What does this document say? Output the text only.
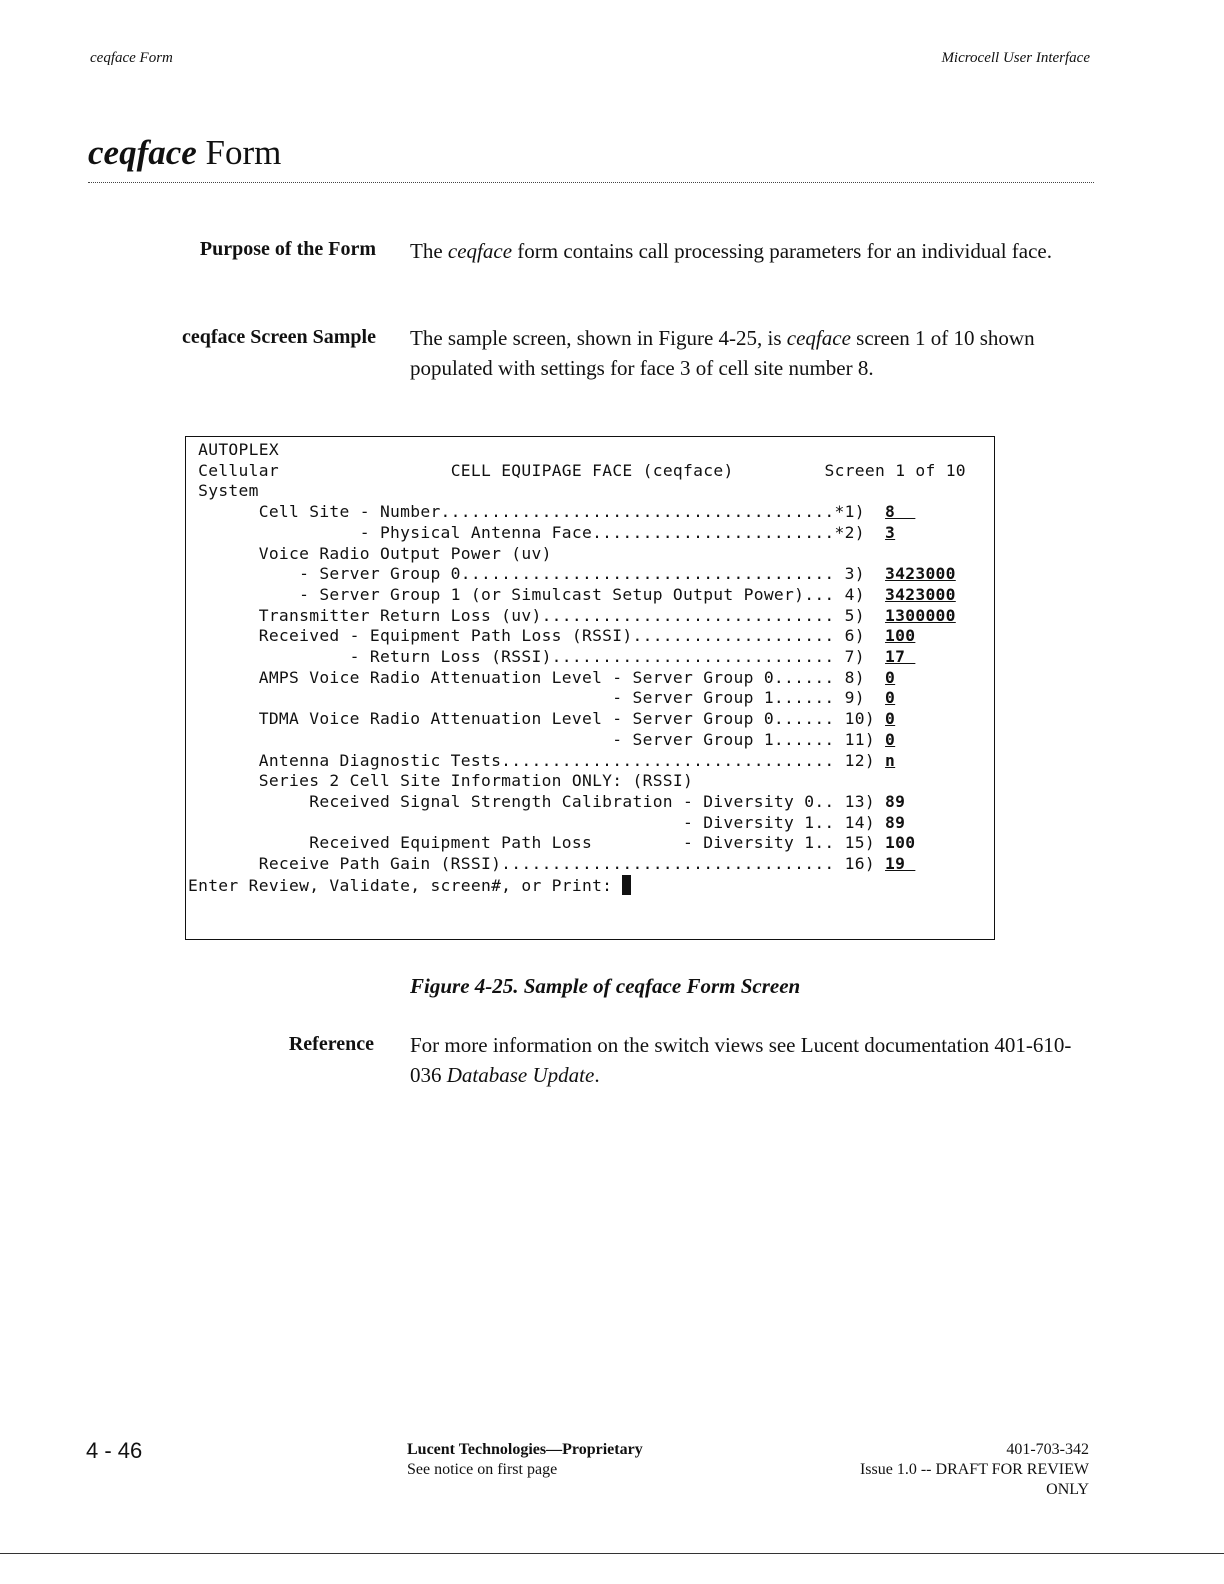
ceqface Form	Microcell User Interface
ceqface Form
Purpose of the Form The ceqface form contains call processing parameters for an individual face.
ceqface Screen Sample The sample screen, shown in Figure 4-25, is ceqface screen 1 of 10 shown populated with settings for face 3 of cell site number 8.
AUTOPLEX
Cellular	CELL EQUIPAGE FACE (ceqface)	Screen 1 of 10
System
Cell Site - Number.......................................*1)  8
- Physical Antenna Face........................*2)  3
Voice Radio Output Power (uv)
- Server Group 0..................................... 3)  3423000
- Server Group 1 (or Simulcast Setup Output Power)... 4)  3423000
Transmitter Return Loss (uv)............................. 5)  1300000
Received - Equipment Path Loss (RSSI).................... 6)  100
- Return Loss (RSSI)............................ 7)  17
AMPS Voice Radio Attenuation Level - Server Group 0...... 8)  0
- Server Group 1...... 9)  0
TDMA Voice Radio Attenuation Level - Server Group 0...... 10) 0
- Server Group 1...... 11) 0
Antenna Diagnostic Tests................................. 12) n
Series 2 Cell Site Information ONLY: (RSSI)
Received Signal Strength Calibration - Diversity 0.. 13) 89
- Diversity 1.. 14) 89
Received Equipment Path Loss         - Diversity 1.. 15) 100
Receive Path Gain (RSSI)................................. 16) 19
Enter Review, Validate, screen#, or Print:
Figure 4-25. Sample of ceqface Form Screen
Reference For more information on the switch views see Lucent documentation 401-610-036 Database Update.
4 - 46	Lucent Technologies—Proprietary
See notice on first page
401-703-342
Issue 1.0 -- DRAFT FOR REVIEW
ONLY
